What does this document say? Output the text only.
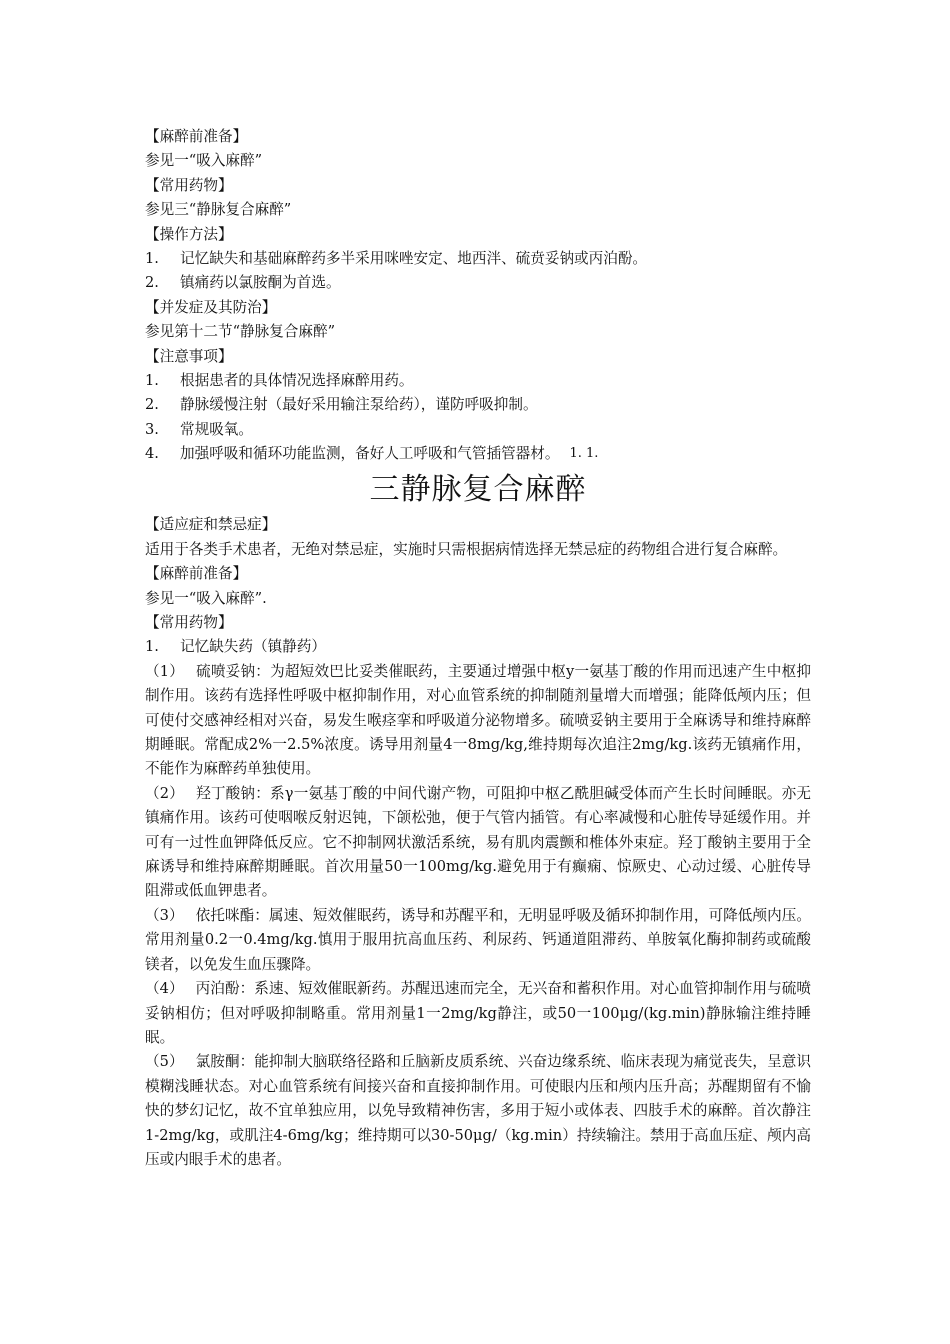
【麻醉前准备】
参见一“吸入麻醉”
【常用药物】
参见三“静脉复合麻醉”
【操作方法】
1.	记忆缺失和基础麻醉药多半采用咪唑安定、地西泮、硫贲妥钠或丙泊酚。
2.	镇痛药以氯胺酮为首选。
【并发症及其防治】
参见第十二节“静脉复合麻醉”
【注意事项】
1.	根据患者的具体情况选择麻醉用药。
2.	静脉缓慢注射（最好采用输注泵给药），谨防呼吸抑制。
3.	常规吸氧。
4.	加强呼吸和循环功能监测，备好人工呼吸和气管插管器材。 1. 1.
三静脉复合麻醉
【适应症和禁忌症】
适用于各类手术患者，无绝对禁忌症，实施时只需根据病情选择无禁忌症的药物组合进行复合麻醉。
【麻醉前准备】
参见一“吸入麻醉”.
【常用药物】
1.	记忆缺失药（镇静药）
（1） 硫喷妥钠：为超短效巴比妥类催眠药，主要通过增强中枢y一氨基丁酸的作用而迅速产生中枢抑制作用。该药有选择性呼吸中枢抑制作用，对心血管系统的抑制随剂量增大而增强；能降低颅内压；但可使付交感神经相对兴奋，易发生喉痉挛和呼吸道分泌物增多。硫喷妥钠主要用于全麻诱导和维持麻醉期睡眠。常配成2%一2.5%浓度。诱导用剂量4一8mg/kg,维持期每次追注2mg/kg.该药无镇痛作用，不能作为麻醉药单独使用。
（2） 羟丁酸钠：系γ一氨基丁酸的中间代谢产物，可阻抑中枢乙酰胆碱受体而产生长时间睡眠。亦无镇痛作用。该药可使咽喉反射迟钝，下颌松弛，便于气管内插管。有心率减慢和心脏传导延缓作用。并可有一过性血钾降低反应。它不抑制网状激活系统，易有肌肉震颤和椎体外束症。羟丁酸钠主要用于全麻诱导和维持麻醉期睡眠。首次用量50一100mg/kg.避免用于有癫痫、惊厥史、心动过缓、心脏传导阻滞或低血钾患者。
（3） 依托咪酯：属速、短效催眠药，诱导和苏醒平和，无明显呼吸及循环抑制作用，可降低颅内压。常用剂量0.2一0.4mg/kg.慎用于服用抗高血压药、利尿药、钙通道阻滞药、单胺氧化酶抑制药或硫酸镁者，以免发生血压骤降。
（4） 丙泊酚：系速、短效催眠新药。苏醒迅速而完全，无兴奋和蓄积作用。对心血管抑制作用与硫喷妥钠相仿；但对呼吸抑制略重。常用剂量1一2mg/kg静注，或50一100μg/(kg.min)静脉输注维持睡眠。
（5） 氯胺酮：能抑制大脑联络径路和丘脑新皮质系统、兴奋边缘系统、临床表现为痛觉丧失，呈意识模糊浅睡状态。对心血管系统有间接兴奋和直接抑制作用。可使眼内压和颅内压升高；苏醒期留有不愉快的梦幻记忆，故不宜单独应用，以免导致精神伤害，多用于短小或体表、四肢手术的麻醉。首次静注1-2mg/kg，或肌注4-6mg/kg；维持期可以30-50μg/（kg.min）持续输注。禁用于高血压症、颅内高压或内眼手术的患者。
